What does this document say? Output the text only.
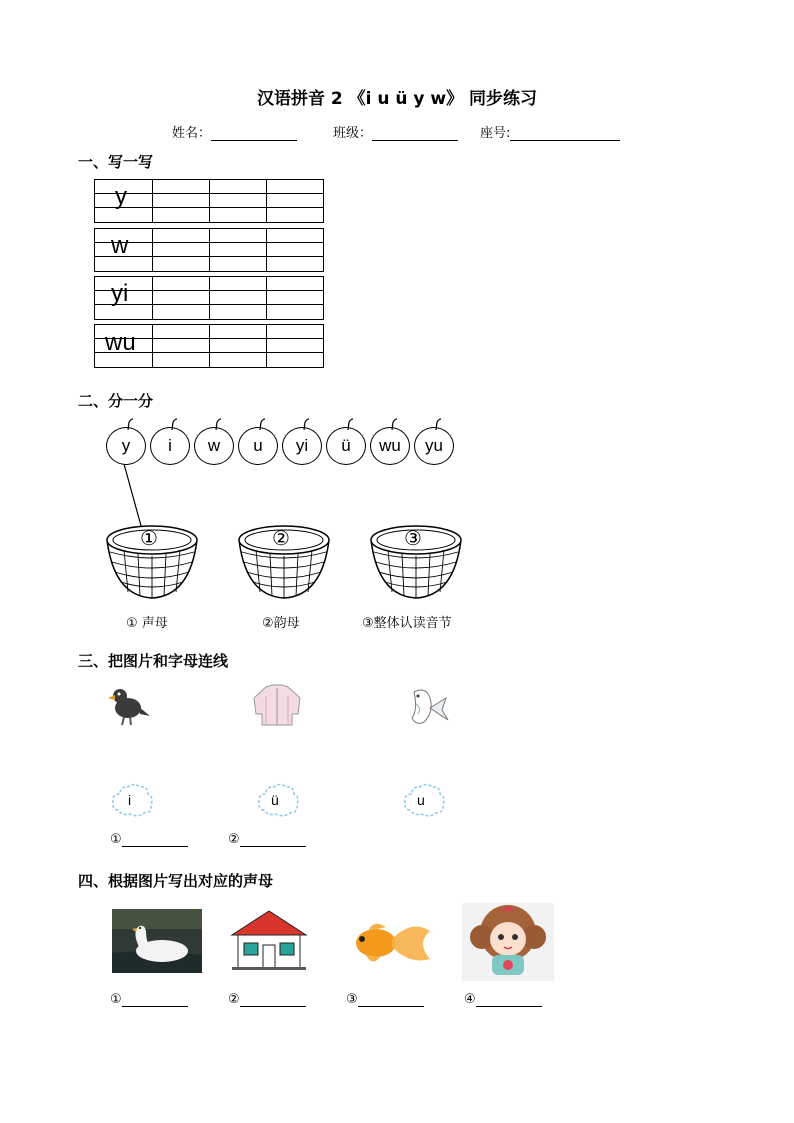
汉语拼音 2 《i u ü y w》 同步练习
姓名：	班级：	座号:
一、写一写
y
w
yi
wu
二、分一分
y	i	w	u	yi	ü	wu	yu
①	②	③
① 声母	②韵母	③整体认读音节
三、把图片和字母连线
i	ü	u
①	②
四、根据图片写出对应的声母
①	②	③	④
